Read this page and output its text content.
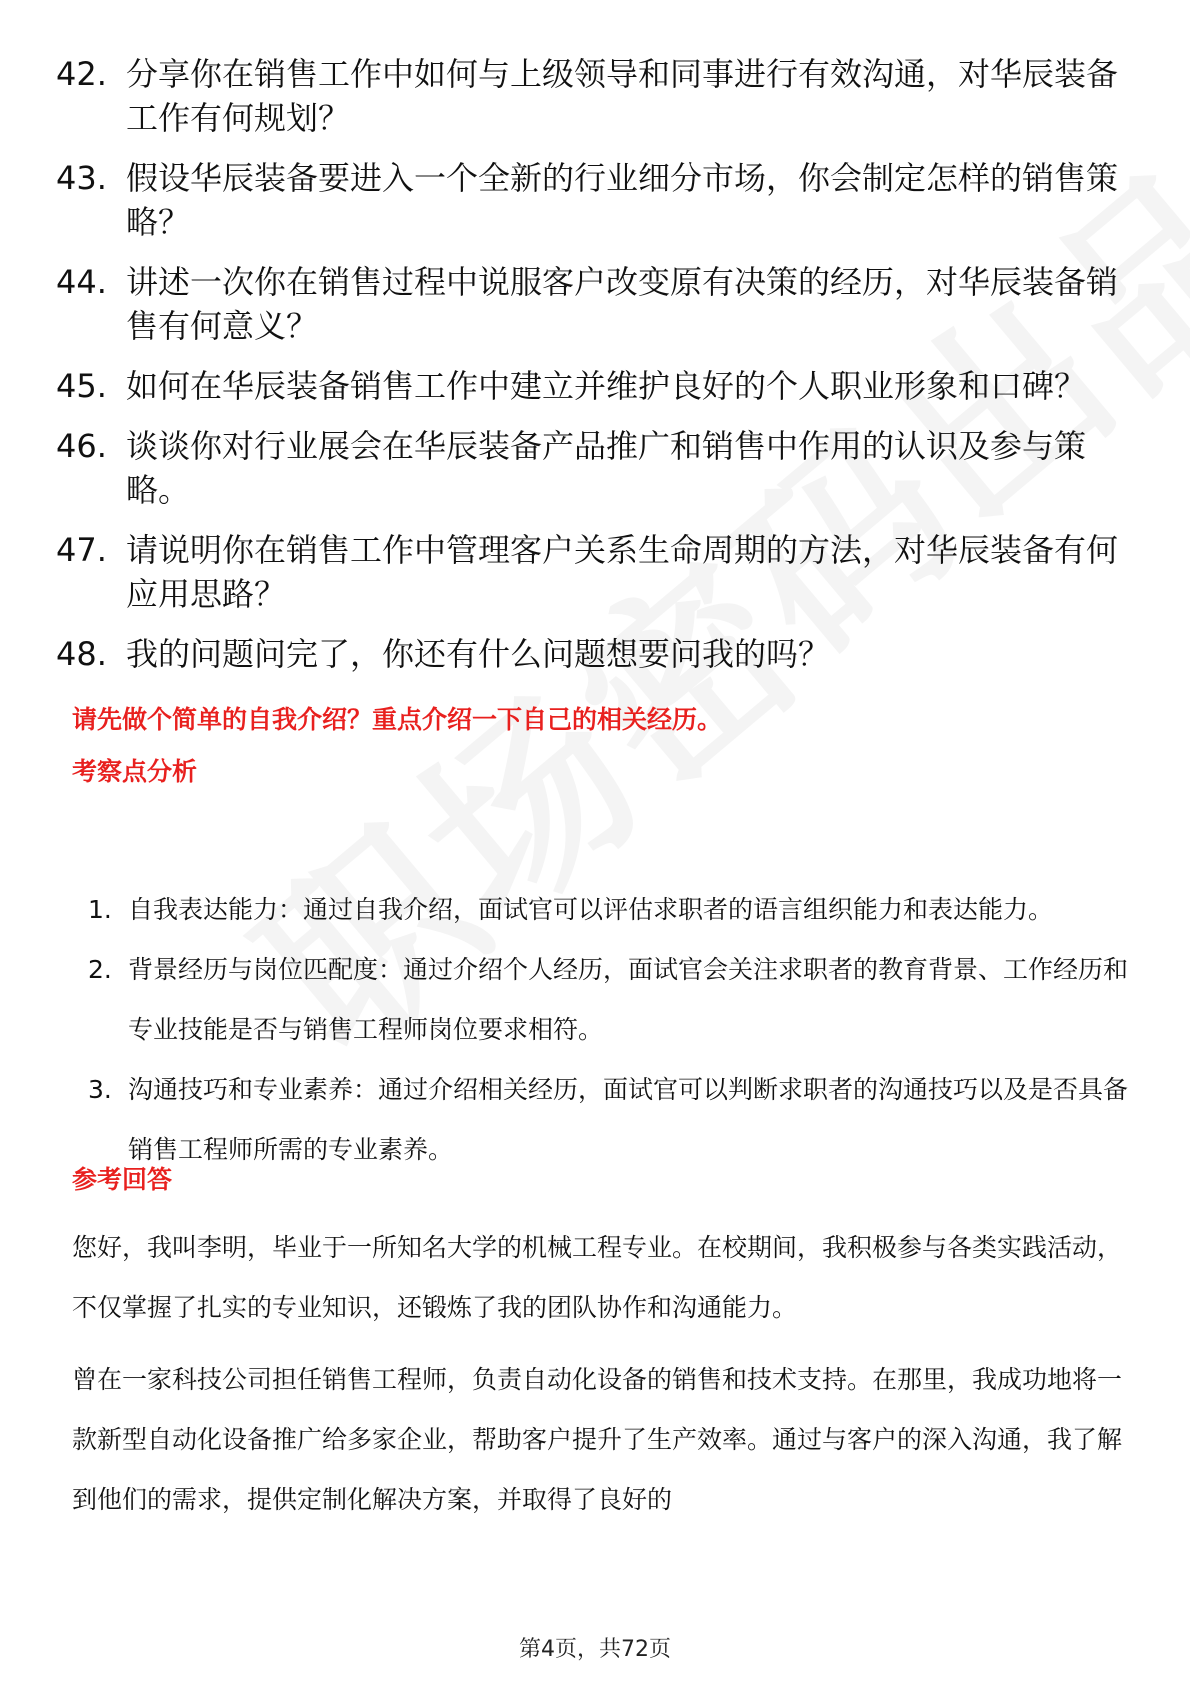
42. 分享你在销售工作中如何与上级领导和同事进行有效沟通，对华辰装备工作有何规划？
43. 假设华辰装备要进入一个全新的行业细分市场，你会制定怎样的销售策略？
44. 讲述一次你在销售过程中说服客户改变原有决策的经历，对华辰装备销售有何意义？
45. 如何在华辰装备销售工作中建立并维护良好的个人职业形象和口碑？
46. 谈谈你对行业展会在华辰装备产品推广和销售中作用的认识及参与策略。
47. 请说明你在销售工作中管理客户关系生命周期的方法，对华辰装备有何应用思路？
48. 我的问题问完了，你还有什么问题想要问我的吗？
请先做个简单的自我介绍？重点介绍一下自己的相关经历。
考察点分析
1. 自我表达能力：通过自我介绍，面试官可以评估求职者的语言组织能力和表达能力。
2. 背景经历与岗位匹配度：通过介绍个人经历，面试官会关注求职者的教育背景、工作经历和专业技能是否与销售工程师岗位要求相符。
3. 沟通技巧和专业素养：通过介绍相关经历，面试官可以判断求职者的沟通技巧以及是否具备销售工程师所需的专业素养。
参考回答

您好，我叫李明，毕业于一所知名大学的机械工程专业。在校期间，我积极参与各类实践活动，不仅掌握了扎实的专业知识，还锻炼了我的团队协作和沟通能力。

曾在一家科技公司担任销售工程师，负责自动化设备的销售和技术支持。在那里，我成功地将一款新型自动化设备推广给多家企业，帮助客户提升了生产效率。通过与客户的深入沟通，我了解到他们的需求，提供定制化解决方案，并取得了良好的

第4页，共72页
